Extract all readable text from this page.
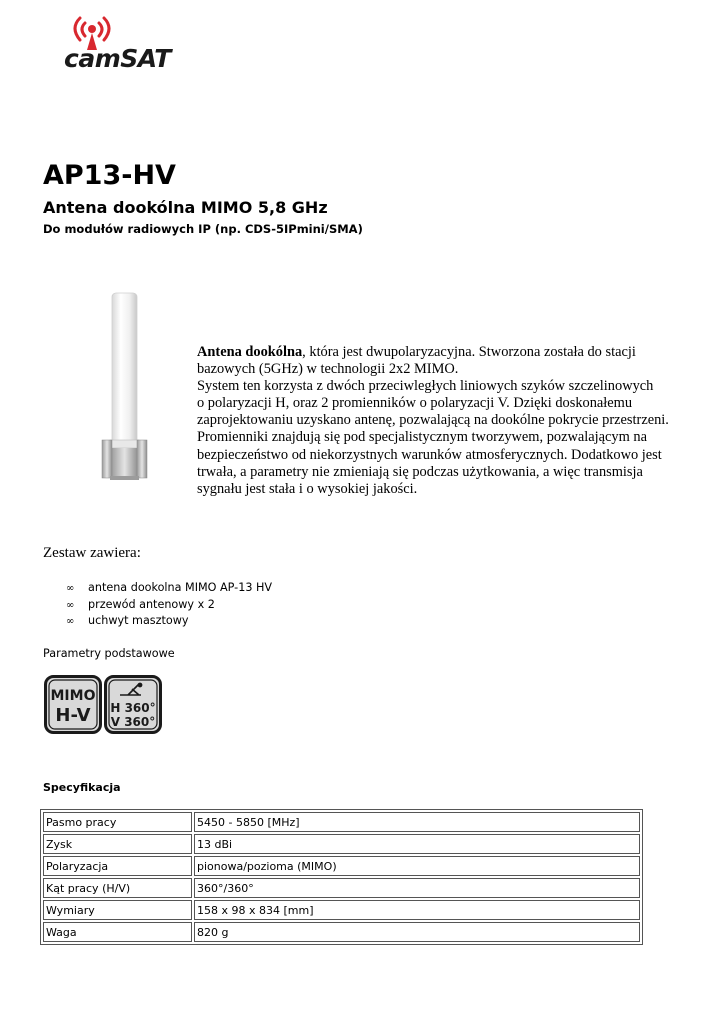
camSAT
AP13-HV
Antena dookólna MIMO 5,8 GHz
Do modułów radiowych IP (np. CDS-5IPmini/SMA)

Antena dookólna, która jest dwupolaryzacyjna. Stworzona została do stacji

bazowych (5GHz) w technologii 2x2 MIMO.

System ten korzysta z dwóch przeciwległych liniowych szyków szczelinowych

o polaryzacji H, oraz 2 promienników o polaryzacji V. Dzięki doskonałemu

zaprojektowaniu uzyskano antenę, pozwalającą na dookólne pokrycie przestrzeni.

Promienniki znajdują się pod specjalistycznym tworzywem, pozwalającym na

bezpieczeństwo od niekorzystnych warunków atmosferycznych. Dodatkowo jest

trwała, a parametry nie zmieniają się podczas użytkowania, a więc transmisja

sygnału jest stała i o wysokiej jakości.

Zestaw zawiera:

∞ antena dookolna MIMO AP-13 HV
∞ przewód antenowy x 2
∞ uchwyt masztowy

Parametry podstawowe

MIMO
H-V H 360°
V 360°

Specyfikacja

Pasmo pracy	5450 - 5850 [MHz]
Zysk	13 dBi
Polaryzacja	pionowa/pozioma (MIMO)
Kąt pracy (H/V)	360°/360°
Wymiary	158 x 98 x 834 [mm]
Waga	820 g
